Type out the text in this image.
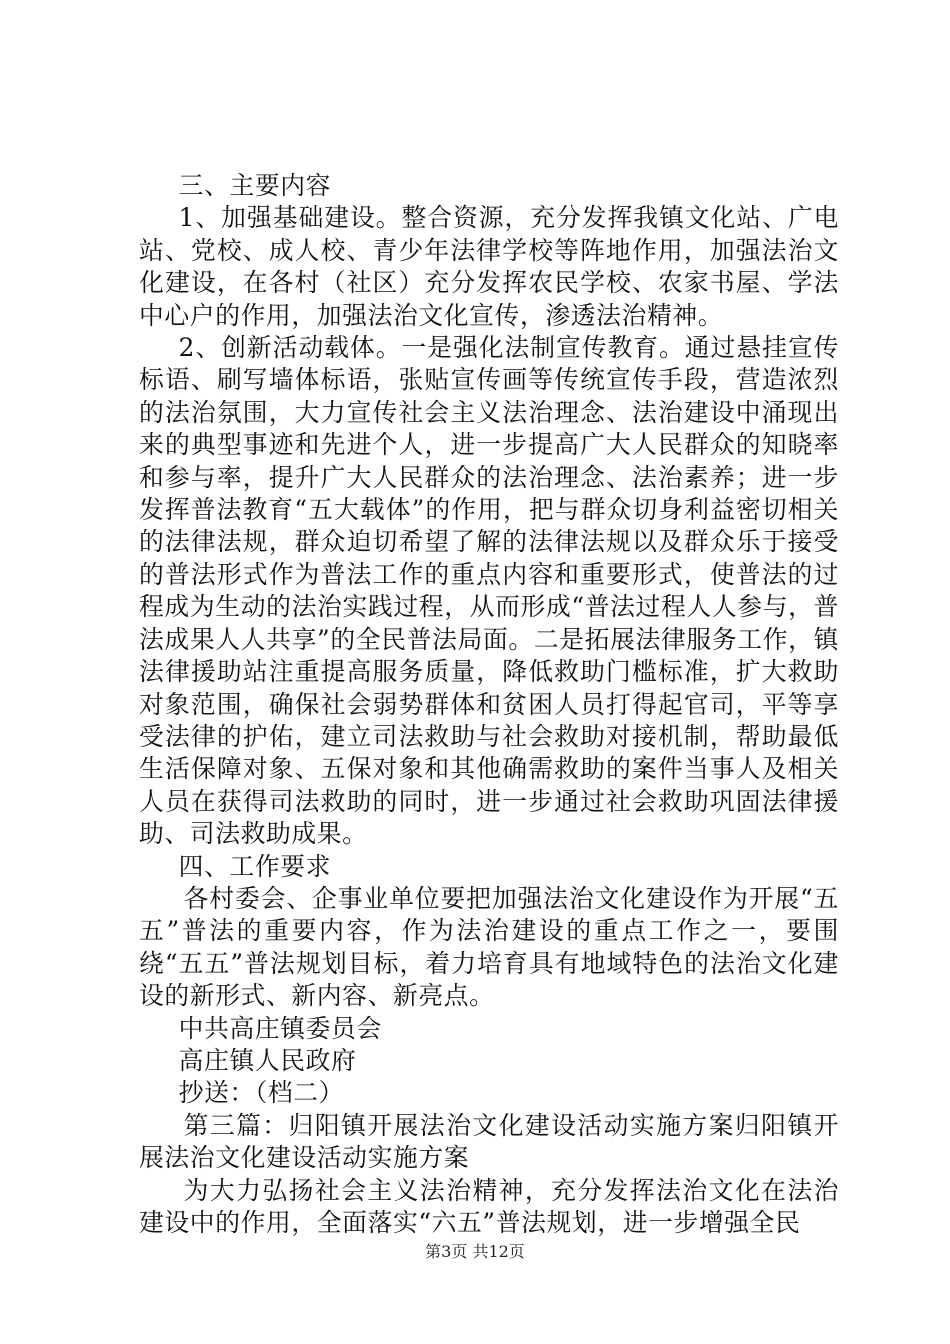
三、主要内容

1、加强基础建设。整合资源，充分发挥我镇文化站、广电站、党校、成人校、青少年法律学校等阵地作用，加强法治文化建设，在各村（社区）充分发挥农民学校、农家书屋、学法中心户的作用，加强法治文化宣传，渗透法治精神。

2、创新活动载体。一是强化法制宣传教育。通过悬挂宣传标语、刷写墙体标语，张贴宣传画等传统宣传手段，营造浓烈的法治氛围，大力宣传社会主义法治理念、法治建设中涌现出来的典型事迹和先进个人，进一步提高广大人民群众的知晓率和参与率，提升广大人民群众的法治理念、法治素养；进一步发挥普法教育“五大载体”的作用，把与群众切身利益密切相关的法律法规，群众迫切希望了解的法律法规以及群众乐于接受的普法形式作为普法工作的重点内容和重要形式，使普法的过程成为生动的法治实践过程，从而形成“普法过程人人参与，普法成果人人共享”的全民普法局面。二是拓展法律服务工作，镇法律援助站注重提高服务质量，降低救助门槛标准，扩大救助对象范围，确保社会弱势群体和贫困人员打得起官司，平等享受法律的护佑，建立司法救助与社会救助对接机制，帮助最低生活保障对象、五保对象和其他确需救助的案件当事人及相关人员在获得司法救助的同时，进一步通过社会救助巩固法律援助、司法救助成果。

四、工作要求

各村委会、企事业单位要把加强法治文化建设作为开展“五五”普法的重要内容，作为法治建设的重点工作之一，要围绕“五五”普法规划目标，着力培育具有地域特色的法治文化建设的新形式、新内容、新亮点。

中共高庄镇委员会

高庄镇人民政府

抄送：（档二）

第三篇：归阳镇开展法治文化建设活动实施方案归阳镇开展法治文化建设活动实施方案

为大力弘扬社会主义法治精神，充分发挥法治文化在法治建设中的作用，全面落实“六五”普法规划，进一步增强全民

第3页 共12页
